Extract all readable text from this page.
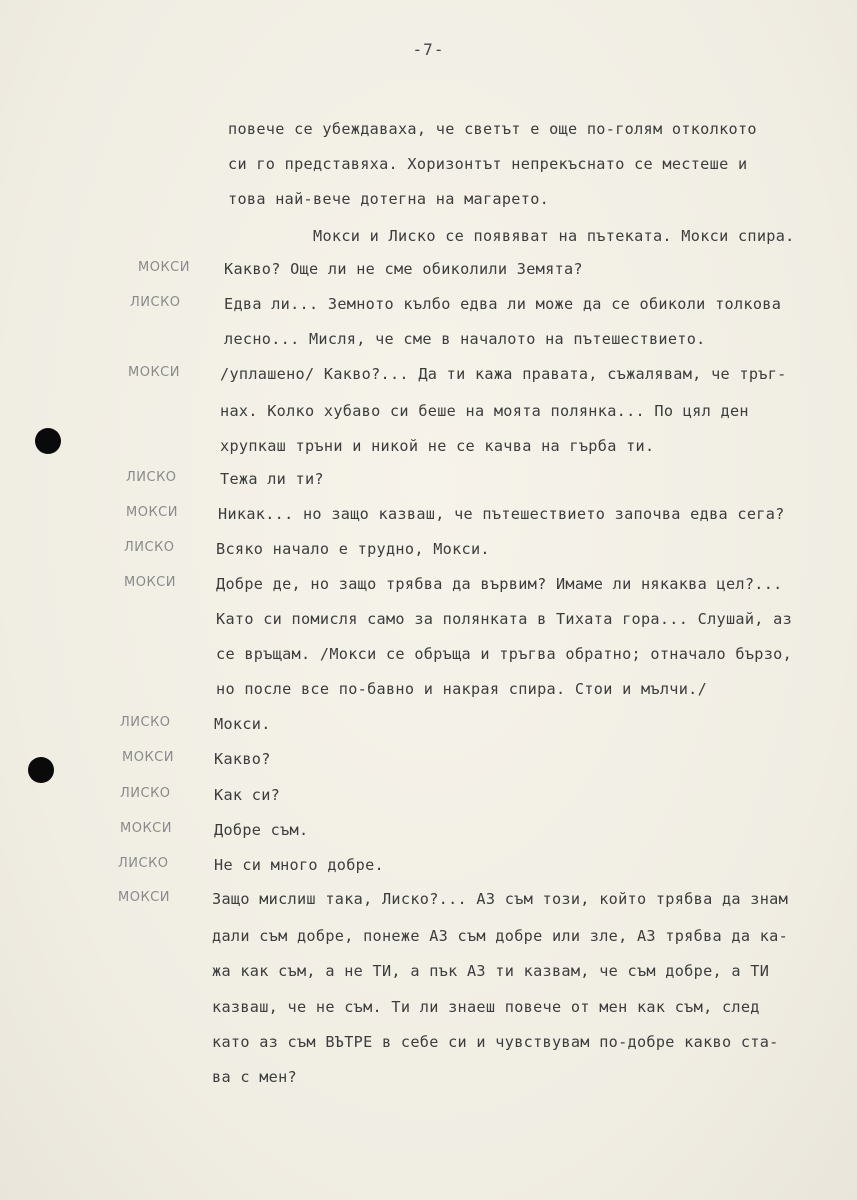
-7-
повече се убеждаваха, че светът е още по-голям отколкото
си го представяха. Хоризонтът непрекъснато се местеше и
това най-вече дотегна на магарето.
Мокси и Лиско се появяват на пътеката. Мокси спира.
МОКСИ Какво? Още ли не сме обиколили Земята?
ЛИСКО	Едва ли... Земното кълбо едва ли може да се обиколи толкова
лесно... Мисля, че сме в началото на пътешествието.
МОКСИ	/уплашено/ Какво?... Да ти кажа правата, съжалявам, че тръг-
нах. Колко хубаво си беше на моята полянка... По цял ден
хрупкаш тръни и никой не се качва на гърба ти.
ЛИСКО	Тежа ли ти?
МОКСИ	Никак... но защо казваш, че пътешествието започва едва сега?
ЛИСКО	Всяко начало е трудно, Мокси.
МОКСИ	Добре де, но защо трябва да вървим? Имаме ли някаква цел?...
Като си помисля само за полянката в Тихата гора... Слушай, аз
се връщам. /Мокси се обръща и тръгва обратно; отначало бързо,
но после все по-бавно и накрая спира. Стои и мълчи./
ЛИСКО	Мокси.
МОКСИ	Какво?
ЛИСКО	Как си?
МОКСИ	Добре съм.
ЛИСКО	Не си много добре.
МОКСИ	Защо мислиш така, Лиско?... АЗ съм този, който трябва да знам
дали съм добре, понеже АЗ съм добре или зле, АЗ трябва да ка-
жа как съм, а не ТИ, а пък АЗ ти казвам, че съм добре, а ТИ
казваш, че не съм. Ти ли знаеш повече от мен как съм, след
като аз съм ВЪТРЕ в себе си и чувствувам по-добре какво ста-
ва с мен?
